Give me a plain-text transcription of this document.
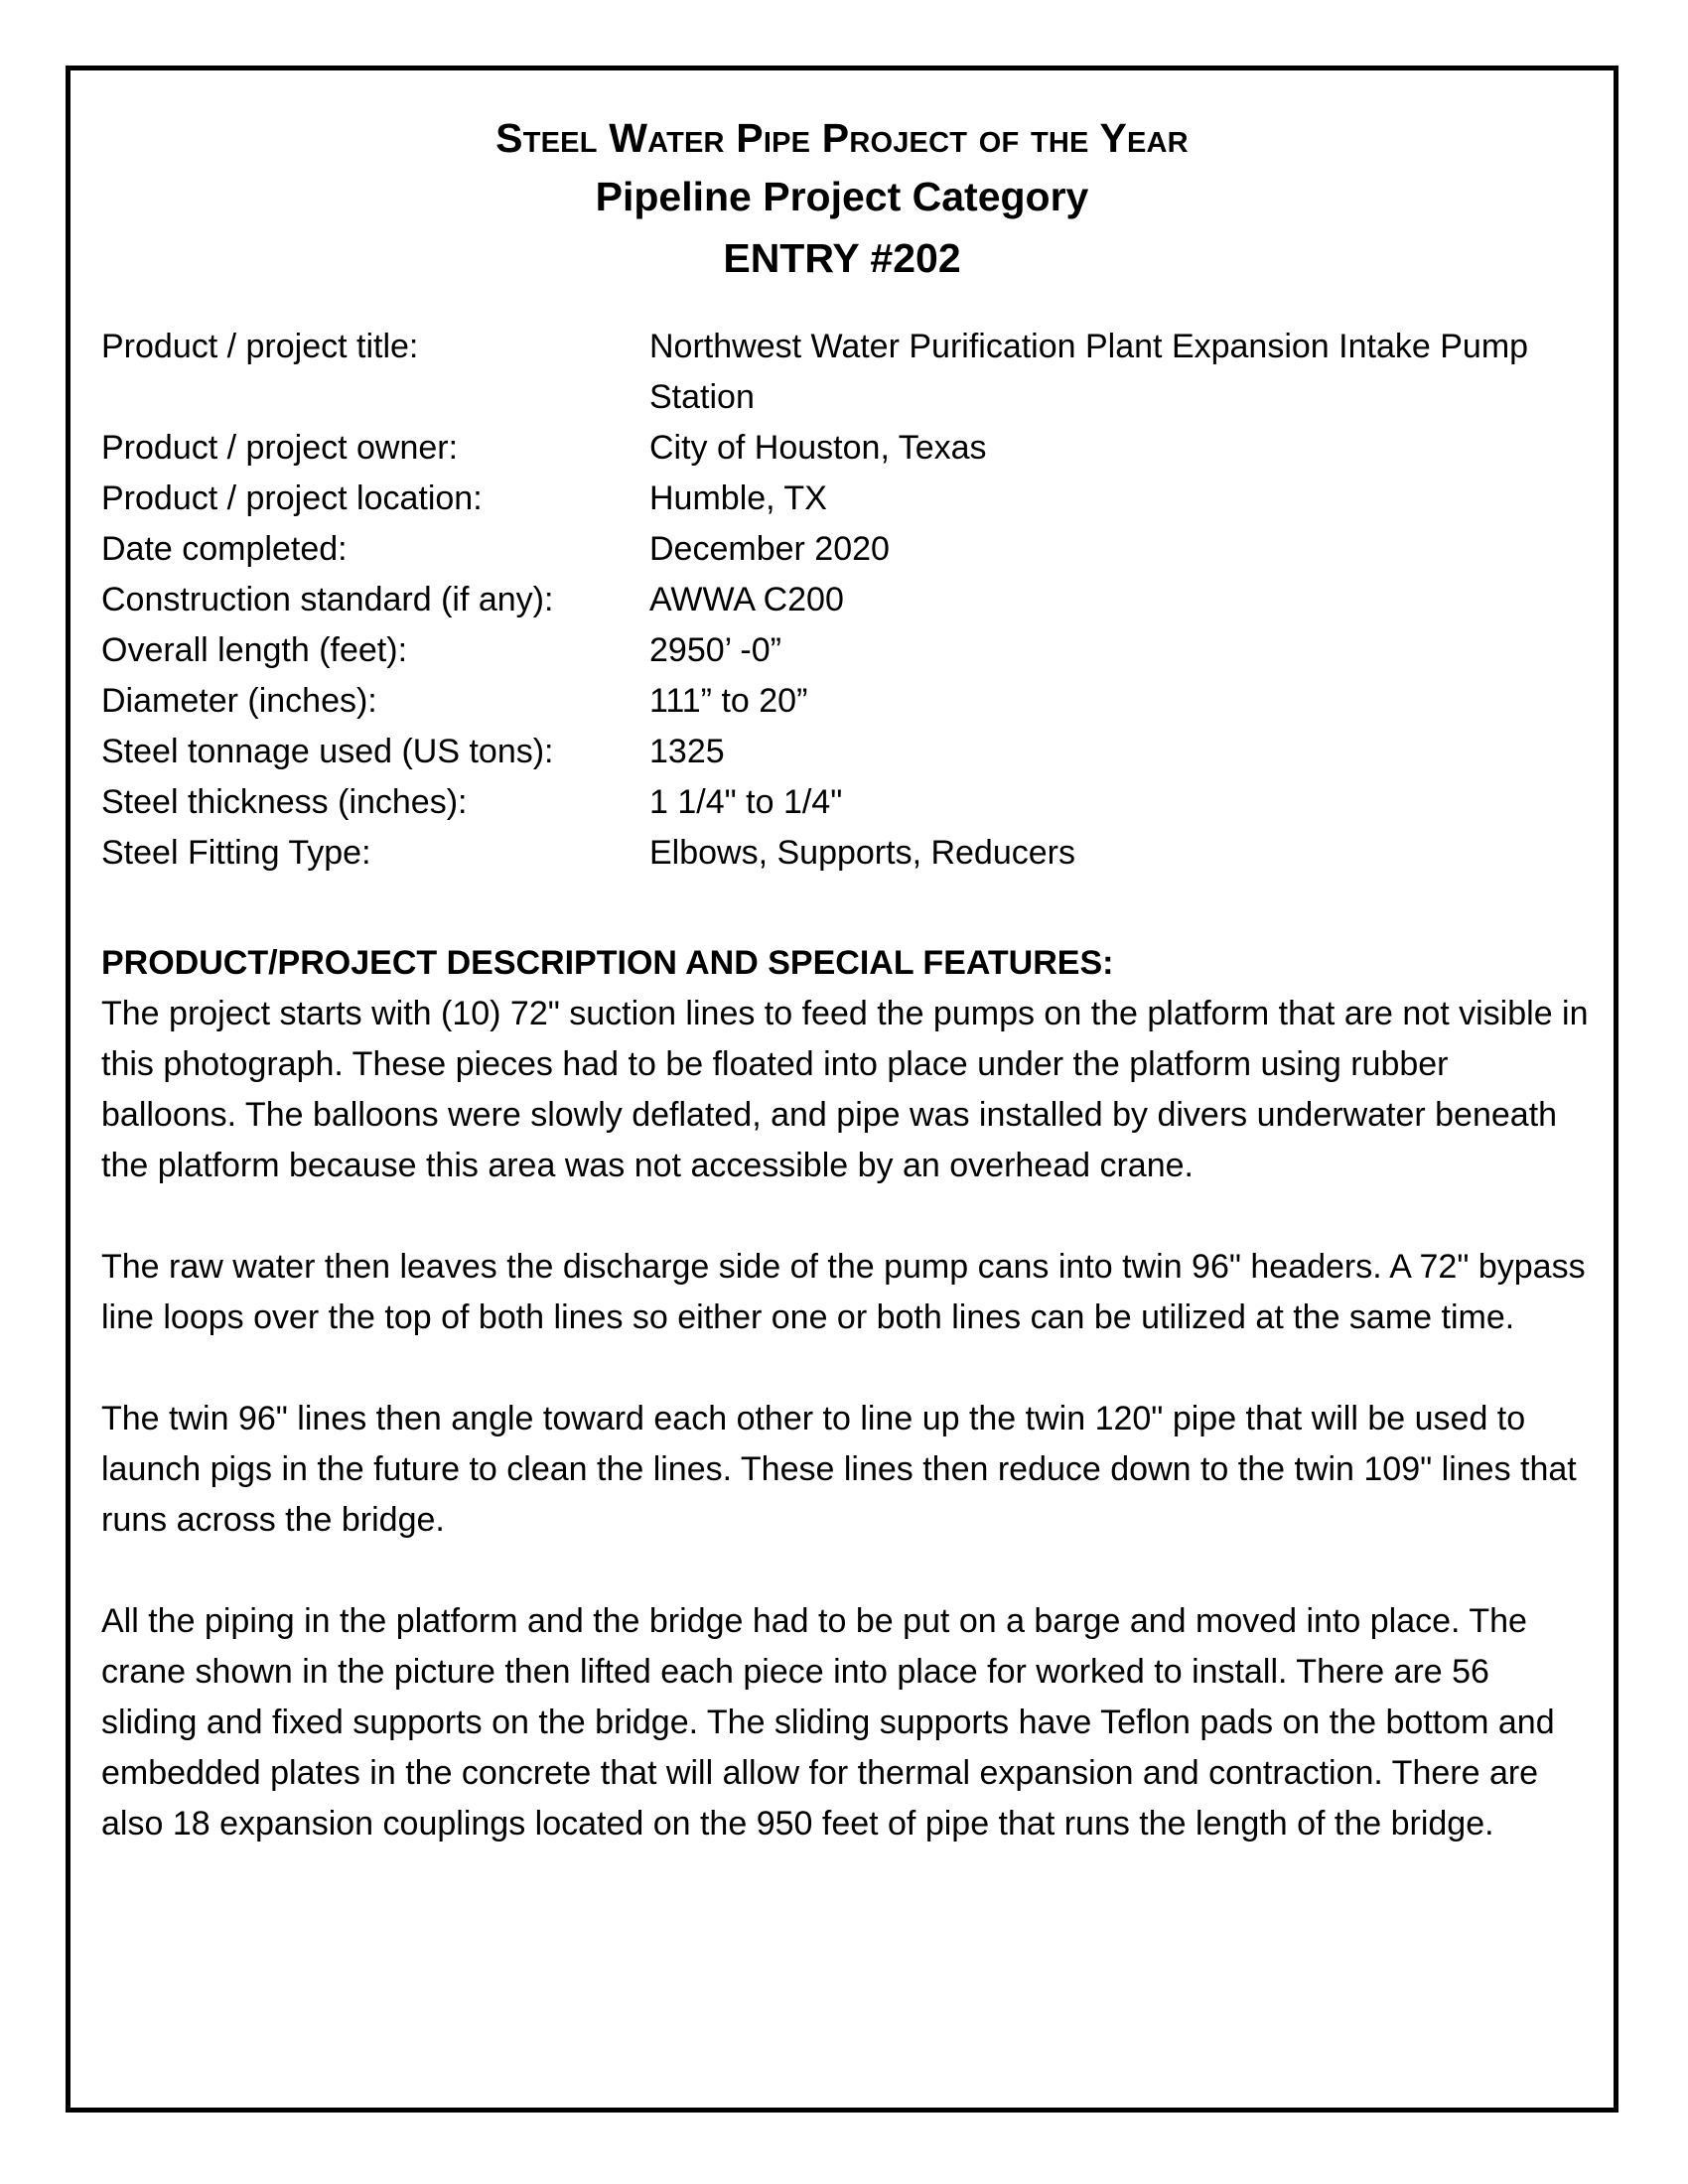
Steel Water Pipe Project of the Year
Pipeline Project Category
ENTRY #202
Product / project title:	Northwest Water Purification Plant Expansion Intake Pump Station
Product / project owner:	City of Houston, Texas
Product / project location:	Humble, TX
Date completed:	December 2020
Construction standard (if any):	AWWA C200
Overall length (feet):	2950’ -0”
Diameter (inches):	111” to 20”
Steel tonnage used (US tons):	1325
Steel thickness (inches):	1 1/4" to 1/4"
Steel Fitting Type:	Elbows, Supports, Reducers

PRODUCT/PROJECT DESCRIPTION AND SPECIAL FEATURES:

The project starts with (10) 72" suction lines to feed the pumps on the platform that are not visible in this photograph. These pieces had to be floated into place under the platform using rubber balloons. The balloons were slowly deflated, and pipe was installed by divers underwater beneath the platform because this area was not accessible by an overhead crane.

The raw water then leaves the discharge side of the pump cans into twin 96" headers. A 72" bypass line loops over the top of both lines so either one or both lines can be utilized at the same time.

The twin 96" lines then angle toward each other to line up the twin 120" pipe that will be used to launch pigs in the future to clean the lines. These lines then reduce down to the twin 109" lines that runs across the bridge.

All the piping in the platform and the bridge had to be put on a barge and moved into place. The crane shown in the picture then lifted each piece into place for worked to install. There are 56 sliding and fixed supports on the bridge. The sliding supports have Teflon pads on the bottom and embedded plates in the concrete that will allow for thermal expansion and contraction. There are also 18 expansion couplings located on the 950 feet of pipe that runs the length of the bridge.
